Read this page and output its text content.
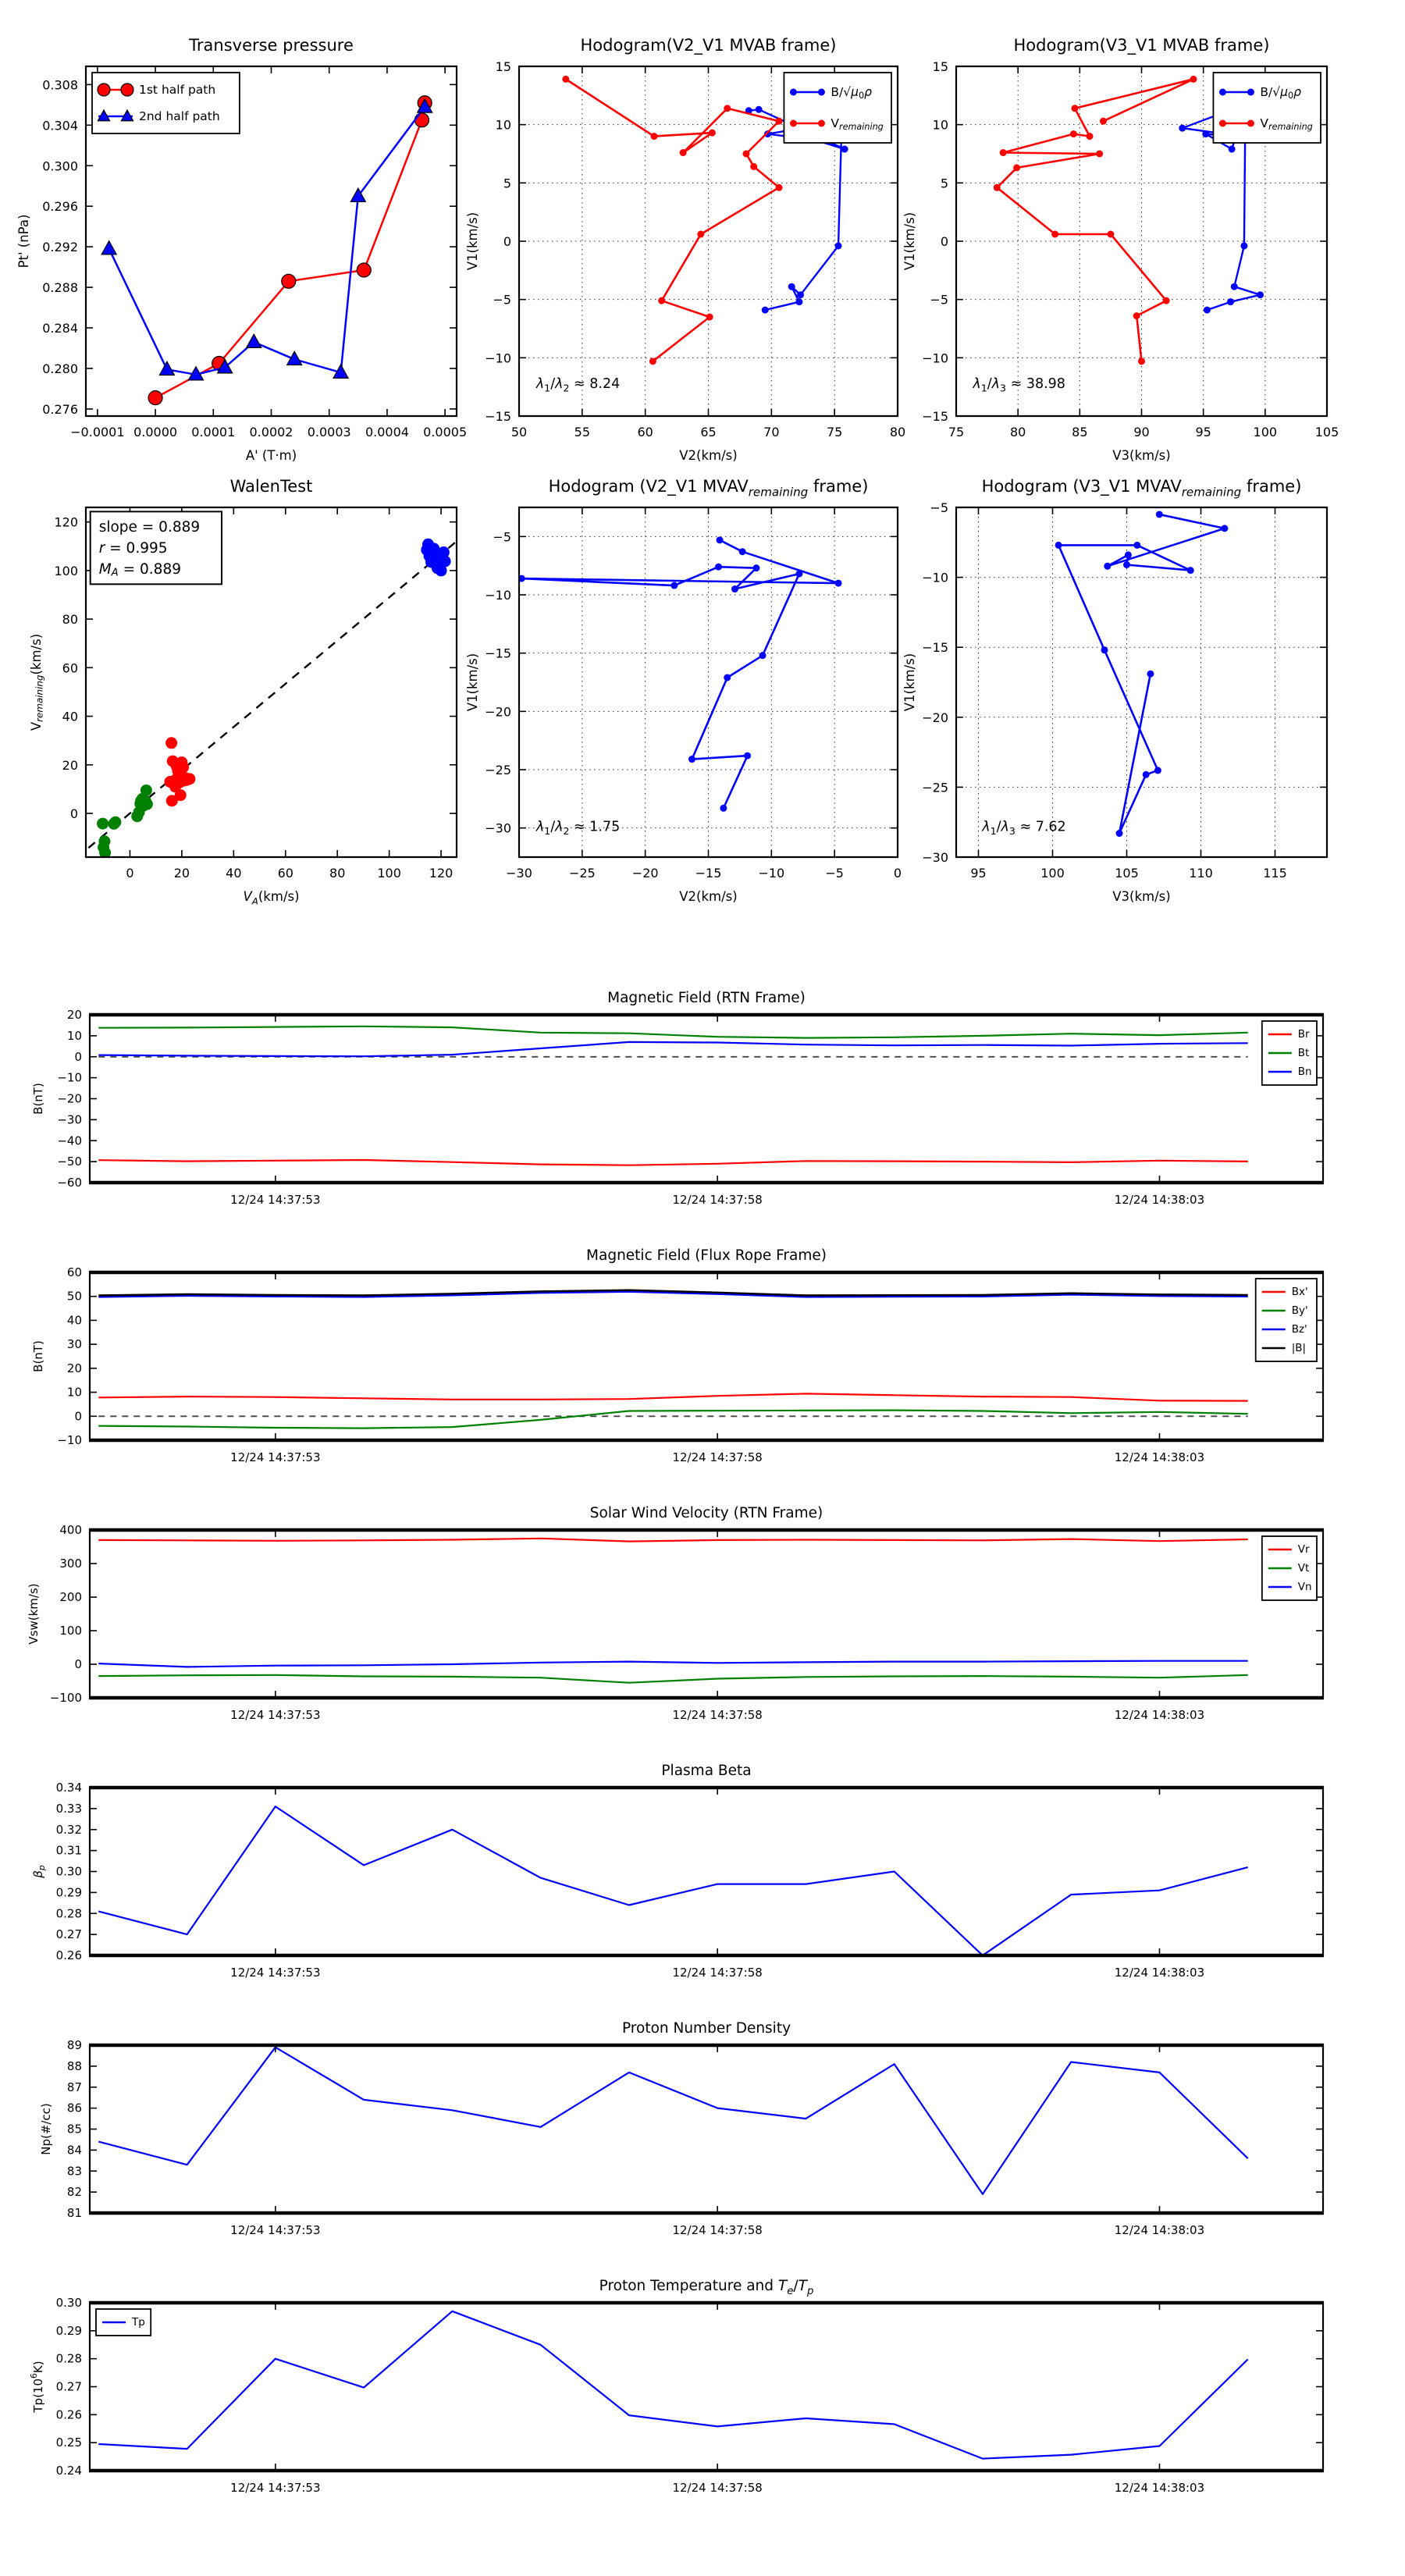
−0.0001 0.0000 0.0001 0.0002 0.0003 0.0004 0.0005
0.276
0.280
0.284
0.288
0.292
0.296
0.300
0.304
0.308
Transverse pressure
A' (T·m)
Pt' (nPa)
1st half path
2nd half path
50	55	60	65	70	75	80
−15
−10
−5
0
5
10
15
Hodogram(V2_V1 MVAB frame)
V2(km/s)
V1(km/s)
$B/√\mu_0\rho$
$V_{remaining}$
$\lambda_1/\lambda_2 \approx 8.24$
75	80	85	90	95	100	105
−15
−10
−5
0
5
10
15
Hodogram(V3_V1 MVAB frame)
V3(km/s)
V1(km/s)
$B/√\mu_0\rho$
$V_{remaining}$
$\lambda_1/\lambda_3 \approx 38.98$
0	20	40	60	80	100 120
0
20
40
60
80
100
120
WalenTest
$V_A(km/s)$
$V_{remaining}(km/s)$
slope = 0.889
r = 0.995
$M_A = 0.889$
−30	−25	−20	−15	−10	−5	0
−30
−25
−20
−15
−10
−5
Hodogram (V2_V1 $MVAV_{remaining}$ frame)
V2(km/s)
V1(km/s)
$\lambda_1/\lambda_2 \approx 1.75$
95	100	105	110	115
−30
−25
−20
−15
−10
−5
Hodogram (V3_V1 $MVAV_{remaining}$ frame)
V3(km/s)
V1(km/s)
$\lambda_1/\lambda_3 \approx 7.62$
12/24 14:37:53	12/24 14:37:58	12/24 14:38:03
−60
−50
−40
−30
−20
−10
0
10
20
Magnetic Field (RTN Frame)
B(nT)
Br
Bt
Bn
12/24 14:37:53	12/24 14:37:58	12/24 14:38:03
−10
0
10
20
30
40
50
60
Magnetic Field (Flux Rope Frame)
B(nT)
Bx'
By'
Bz'
|B|
12/24 14:37:53	12/24 14:37:58	12/24 14:38:03
−100
0
100
200
300
400
Solar Wind Velocity (RTN Frame)
Vsw(km/s)
Vr
Vt
Vn
12/24 14:37:53	12/24 14:37:58	12/24 14:38:03
0.26
0.27
0.28
0.29
0.30
0.31
0.32
0.33
0.34
Plasma Beta
$\beta_p$
12/24 14:37:53	12/24 14:37:58	12/24 14:38:03
81
82
83
84
85
86
87
88
89
Proton Number Density
Np(#/cc)
12/24 14:37:53	12/24 14:37:58	12/24 14:38:03
0.24
0.25
0.26
0.27
0.28
0.29
0.30
Proton Temperature and $T_e/T_p$
$Tp(10^6K)$
Tp
